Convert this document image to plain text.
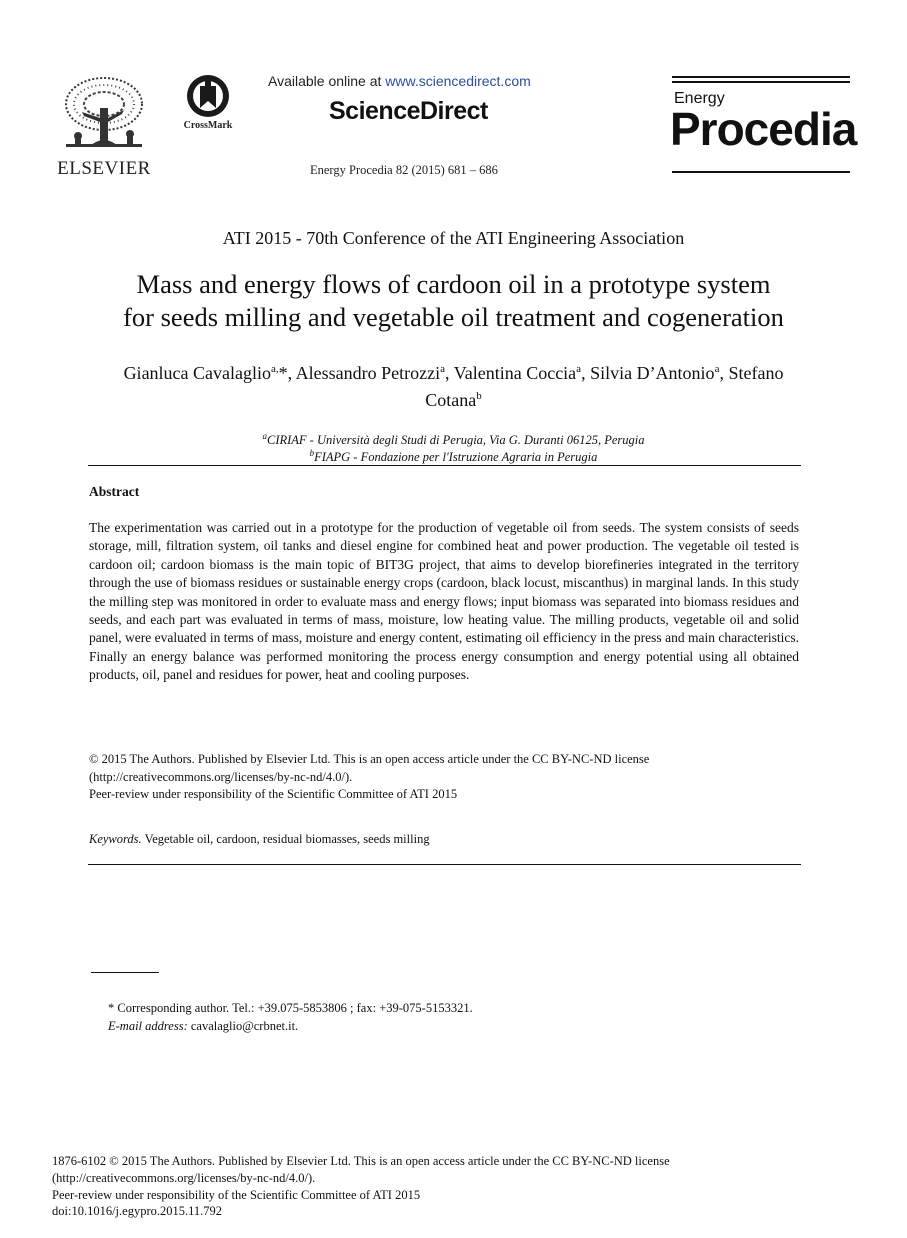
ELSEVIER
CrossMark
Available online at www.sciencedirect.com
ScienceDirect
Energy Procedia 82 (2015) 681 – 686
Energy
Procedia
ATI 2015 - 70th Conference of the ATI Engineering Association
Mass and energy flows of cardoon oil in a prototype system
for seeds milling and vegetable oil treatment and cogeneration
Gianluca Cavalaglio$^{a,}$*, Alessandro Petrozzi$^a$, Valentina Coccia$^a$, Silvia D’Antonio$^a$, Stefano Cotana$^b$
$^a$CIRIAF - Università degli Studi di Perugia, Via G. Duranti 06125, Perugia
$^b$FIAPG - Fondazione per l'Istruzione Agraria in Perugia
Abstract
The experimentation was carried out in a prototype for the production of vegetable oil from seeds. The system consists of seeds storage, mill, filtration system, oil tanks and diesel engine for combined heat and power production. The vegetable oil tested is cardoon oil; cardoon biomass is the main topic of BIT3G project, that aims to develop biorefineries integrated in the territory through the use of biomass residues or sustainable energy crops (cardoon, black locust, miscanthus) in marginal lands. In this study the milling step was monitored in order to evaluate mass and energy flows; input biomass was separated into biomass residues and seeds, and each part was evaluated in terms of mass, moisture, low heating value. The milling products, vegetable oil and solid panel, were evaluated in terms of mass, moisture and energy content, estimating oil efficiency in the press and main characteristics. Finally an energy balance was performed monitoring the process energy consumption and energy potential using all obtained products, oil, panel and residues for power, heat and cooling purposes.
© 2015 The Authors. Published by Elsevier Ltd. This is an open access article under the CC BY-NC-ND license
(http://creativecommons.org/licenses/by-nc-nd/4.0/).
Peer-review under responsibility of the Scientific Committee of ATI 2015
Keywords. Vegetable oil, cardoon, residual biomasses, seeds milling
* Corresponding author. Tel.: +39.075-5853806 ; fax: +39-075-5153321.
E-mail address: cavalaglio@crbnet.it.
1876-6102 © 2015 The Authors. Published by Elsevier Ltd. This is an open access article under the CC BY-NC-ND license
(http://creativecommons.org/licenses/by-nc-nd/4.0/).
Peer-review under responsibility of the Scientific Committee of ATI 2015
doi:10.1016/j.egypro.2015.11.792
